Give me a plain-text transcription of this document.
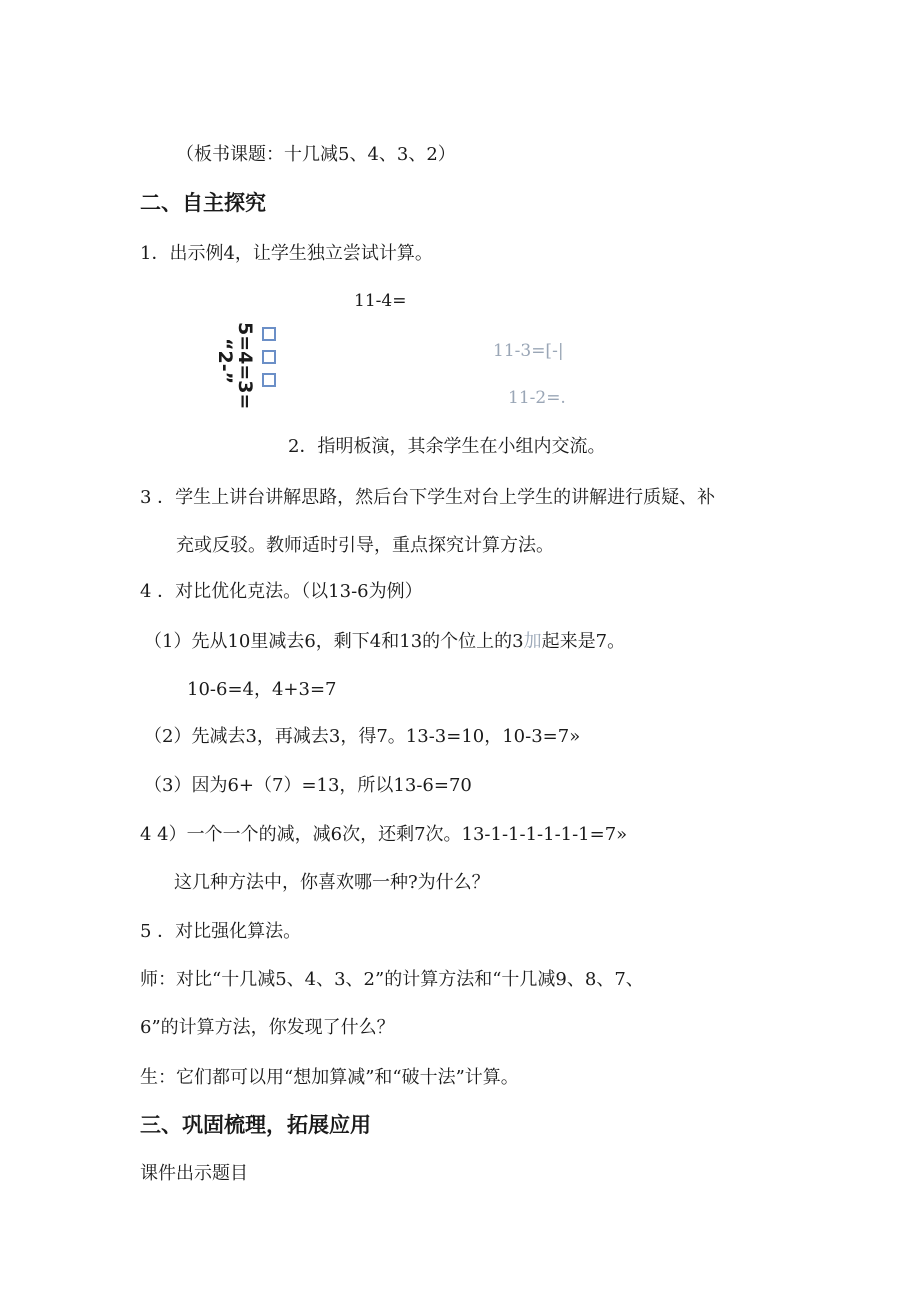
（板书课题：十几减5、4、3、2）
二、自主探究
1．出示例4，让学生独立尝试计算。
11-4=
5=4=3=
“2-”	11-3=[-|
11-2=.
2．指明板演，其余学生在小组内交流。
3 ．学生上讲台讲解思路，然后台下学生对台上学生的讲解进行质疑、补
充或反驳。教师适时引导，重点探究计算方法。
4 ．对比优化克法。（以13-6为例）
（1）先从10里减去6，剩下4和13的个位上的3加起来是7。
10-6=4，4+3=7
（2）先减去3，再减去3，得7。13-3=10，10-3=7»
（3）因为6+（7）=13，所以13-6=70
4 4）一个一个的减，减6次，还剩7次。13-1-1-1-1-1-1=7»
这几种方法中，你喜欢哪一种?为什么？
5 ．对比强化算法。
师：对比“十几减5、4、3、2”的计算方法和“十几减9、8、7、
6”的计算方法，你发现了什么？
生：它们都可以用“想加算减”和“破十法”计算。
三、巩固梳理，拓展应用
课件出示题目
